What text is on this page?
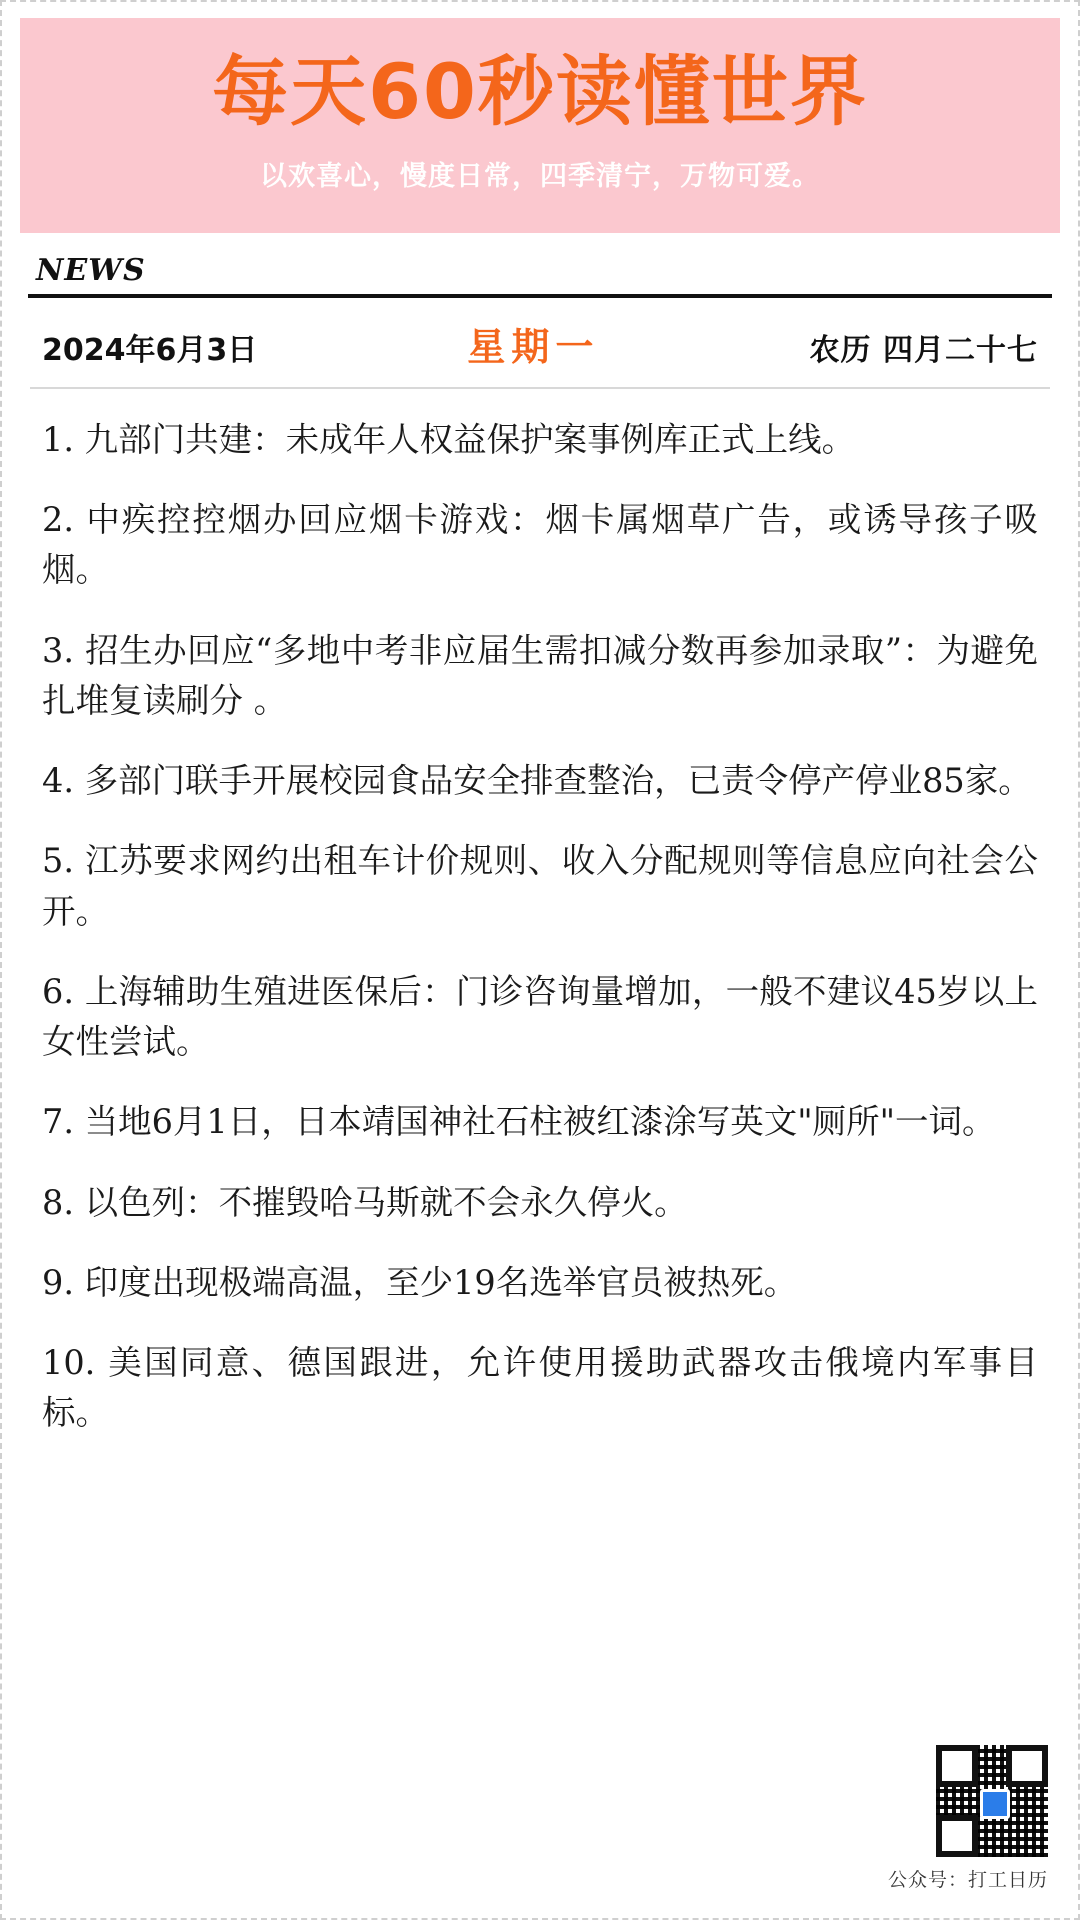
每天60秒读懂世界
以欢喜心，慢度日常，四季清宁，万物可爱。
NEWS
2024年6月3日	星期一	农历 四月二十七

1. 九部门共建：未成年人权益保护案事例库正式上线。

2. 中疾控控烟办回应烟卡游戏：烟卡属烟草广告，或诱导孩子吸烟。

3. 招生办回应“多地中考非应届生需扣减分数再参加录取”：为避免扎堆复读刷分 。

4. 多部门联手开展校园食品安全排查整治，已责令停产停业85家。

5. 江苏要求网约出租车计价规则、收入分配规则等信息应向社会公开。

6. 上海辅助生殖进医保后：门诊咨询量增加，一般不建议45岁以上女性尝试。

7. 当地6月1日，日本靖国神社石柱被红漆涂写英文"厕所"一词。

8. 以色列：不摧毁哈马斯就不会永久停火。

9. 印度出现极端高温，至少19名选举官员被热死。

10. 美国同意、德国跟进，允许使用援助武器攻击俄境内军事目标。

公众号：打工日历
